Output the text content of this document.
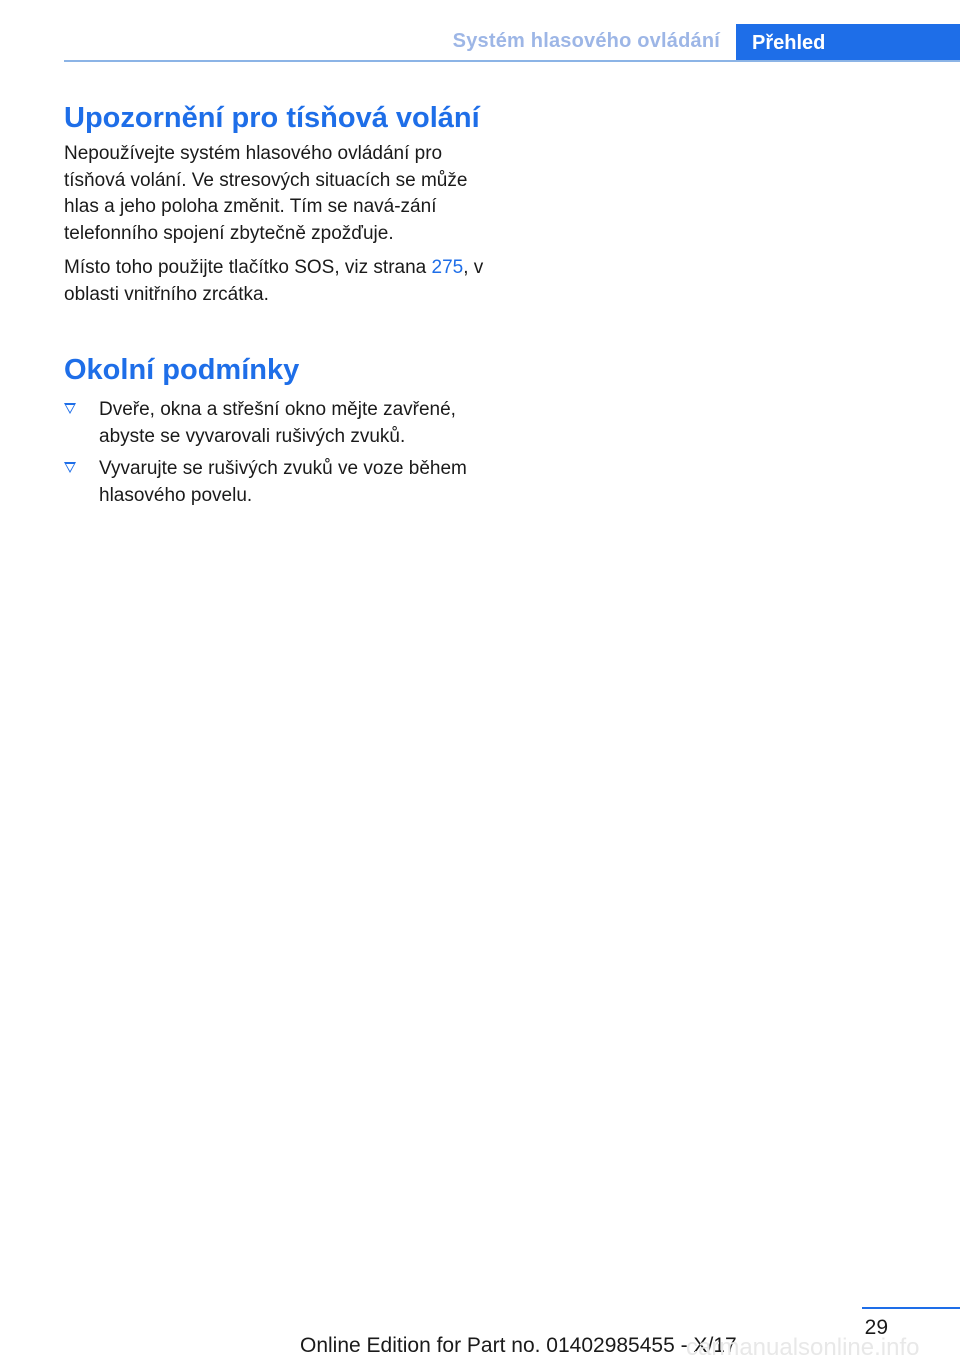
Systém hlasového ovládání	Přehled
Upozornění pro tísňová volání

Nepoužívejte systém hlasového ovládání pro tísňová volání. Ve stresových situacích se může hlas a jeho poloha změnit. Tím se navá‐zání telefonního spojení zbytečně zpožďuje.

Místo toho použijte tlačítko SOS, viz strana 275, v oblasti vnitřního zrcátka.

Okolní podmínky
Dveře, okna a střešní okno mějte zavřené, abyste se vyvarovali rušivých zvuků.
Vyvarujte se rušivých zvuků ve voze během hlasového povelu.
29
Online Edition for Part no. 01402985455 - X/17
carmanualsonline.info
